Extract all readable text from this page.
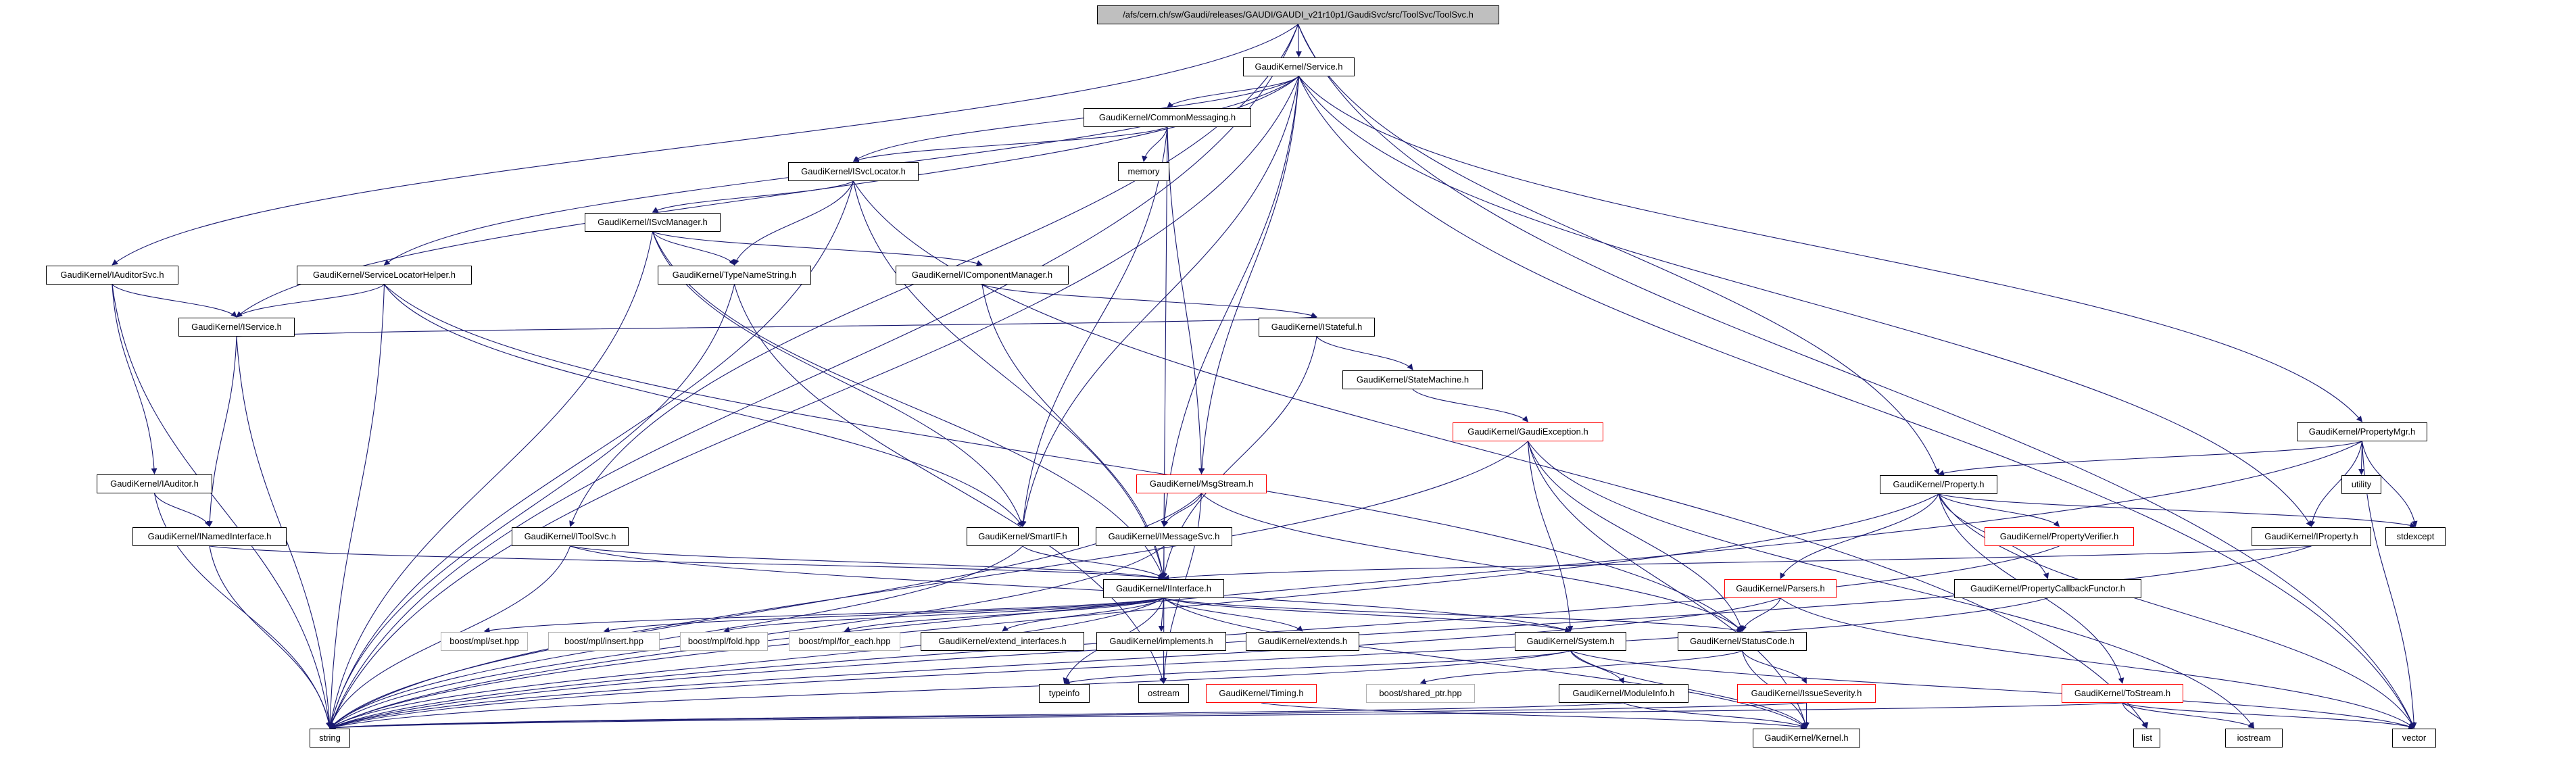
/afs/cern.ch/sw/Gaudi/releases/GAUDI/GAUDI_v21r10p1/GaudiSvc/src/ToolSvc/ToolSvc.h
GaudiKernel/Service.h
GaudiKernel/CommonMessaging.h
GaudiKernel/ISvcLocator.h	memory
GaudiKernel/ISvcManager.h
GaudiKernel/IAuditorSvc.h	GaudiKernel/ServiceLocatorHelper.h	GaudiKernel/TypeNameString.h	GaudiKernel/IComponentManager.h
GaudiKernel/IService.h	GaudiKernel/IStateful.h
GaudiKernel/StateMachine.h
GaudiKernel/GaudiException.h	GaudiKernel/PropertyMgr.h
GaudiKernel/IAuditor.h	GaudiKernel/MsgStream.h	GaudiKernel/Property.h	utility
GaudiKernel/INamedInterface.h	GaudiKernel/IToolSvc.h	GaudiKernel/SmartIF.h	GaudiKernel/IMessageSvc.h	GaudiKernel/PropertyVerifier.h	GaudiKernel/IProperty.h	stdexcept
GaudiKernel/IInterface.h	GaudiKernel/Parsers.h	GaudiKernel/PropertyCallbackFunctor.h
boost/mpl/set.hpp	boost/mpl/insert.hpp	boost/mpl/fold.hpp	boost/mpl/for_each.hpp	GaudiKernel/extend_interfaces.h	GaudiKernel/implements.h	GaudiKernel/extends.h	GaudiKernel/System.h	GaudiKernel/StatusCode.h
typeinfo	ostream	GaudiKernel/Timing.h	boost/shared_ptr.hpp	GaudiKernel/ModuleInfo.h	GaudiKernel/IssueSeverity.h	GaudiKernel/ToStream.h
string	GaudiKernel/Kernel.h	list	iostream	vector
